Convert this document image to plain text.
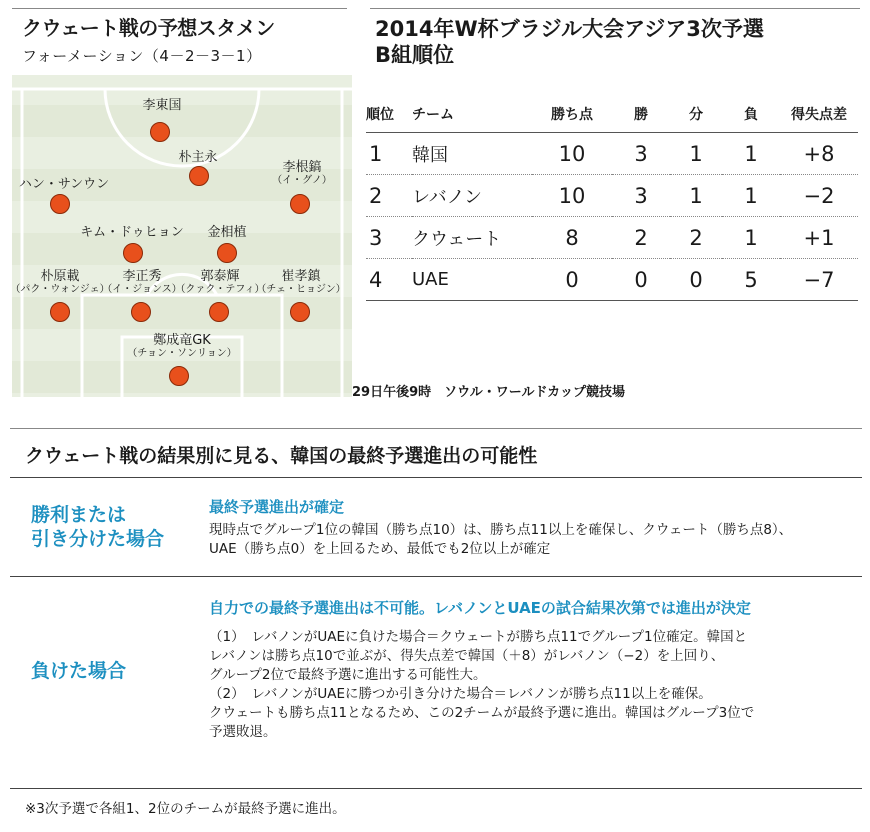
クウェート戦の予想スタメン
フォーメーション（4－2－3－1）
李東国
朴主永
ハン・サンウン
李根鎬
（イ・グノ）
キム・ドゥヒョン 金相植
朴原載
（パク・ウォンジェ）
李正秀
（イ・ジョンス）
郭泰輝
（クァク・テフィ）
崔孝鎮
（チェ・ヒョジン）
鄭成竜GK
（チョン・ソンリョン）
29日午後9時　ソウル・ワールドカップ競技場
2014年W杯ブラジル大会アジア3次予選
B組順位
順位	チーム	勝ち点	勝	分	負	得失点差
1	韓国	10	3	1	1	+8
2	レバノン	10	3	1	1	−2
3	クウェート	8	2	2	1	+1
4	UAE	0	0	0	5	−7
クウェート戦の結果別に見る、韓国の最終予選進出の可能性
勝利または
引き分けた場合
最終予選進出が確定
現時点でグループ1位の韓国（勝ち点10）は、勝ち点11以上を確保し、クウェート（勝ち点8）、
UAE（勝ち点0）を上回るため、最低でも2位以上が確定
負けた場合
自力での最終予選進出は不可能。レバノンとUAEの試合結果次第では進出が決定
（1）　レバノンがUAEに負けた場合＝クウェートが勝ち点11でグループ1位確定。韓国と
レバノンは勝ち点10で並ぶが、得失点差で韓国（＋8）がレバノン（−2）を上回り、
グループ2位で最終予選に進出する可能性大。
（2）　レバノンがUAEに勝つか引き分けた場合＝レバノンが勝ち点11以上を確保。
クウェートも勝ち点11となるため、この2チームが最終予選に進出。韓国はグループ3位で
予選敗退。
※3次予選で各組1、2位のチームが最終予選に進出。
